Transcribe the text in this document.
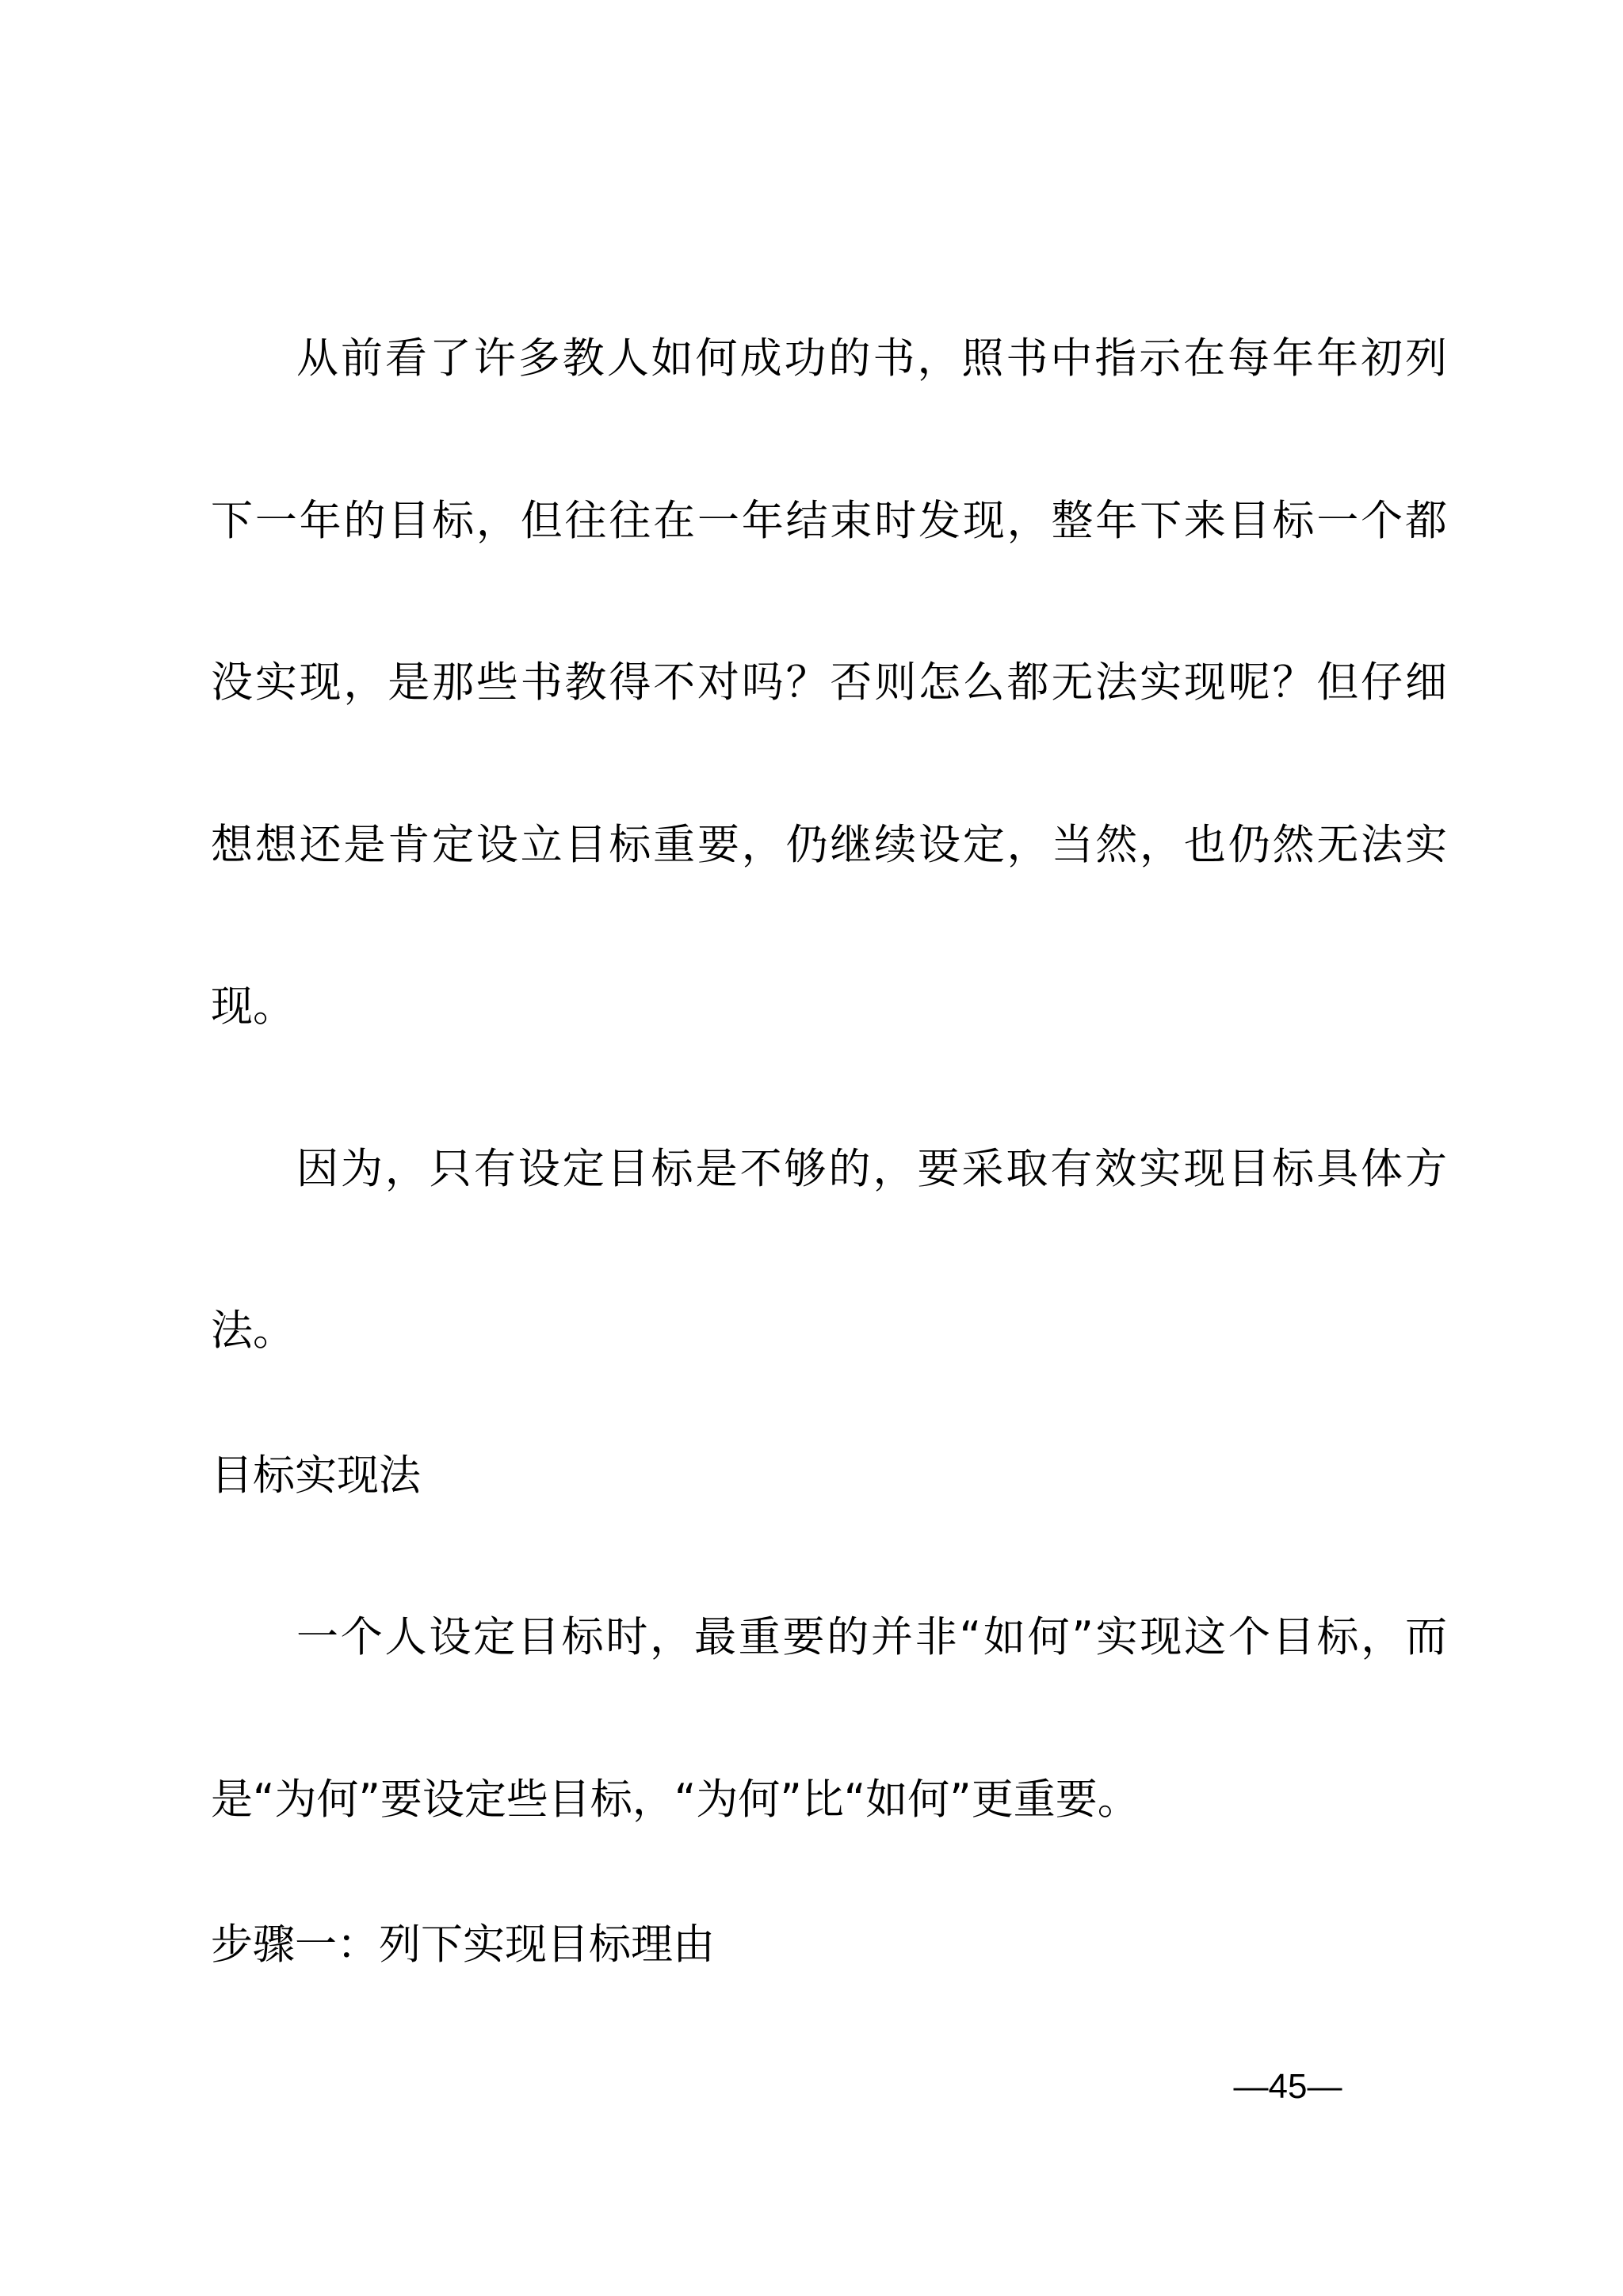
从前看了许多教人如何成功的书，照书中指示在每年年初列
下一年的目标，但往往在一年结束时发现，整年下来目标一个都
没实现，是那些书教得不对吗？否则怎么都无法实现呢？但仔细
想想还是肯定设立目标重要，仍继续设定，当然，也仍然无法实
现。
因为，只有设定目标是不够的，要采取有效实现目标具体方
法。
目标实现法
一个人设定目标时，最重要的并非“如何”实现这个目标，而
是“为何”要设定些目标，“为何”比“如何”更重要。
步骤一：列下实现目标理由
—45—
